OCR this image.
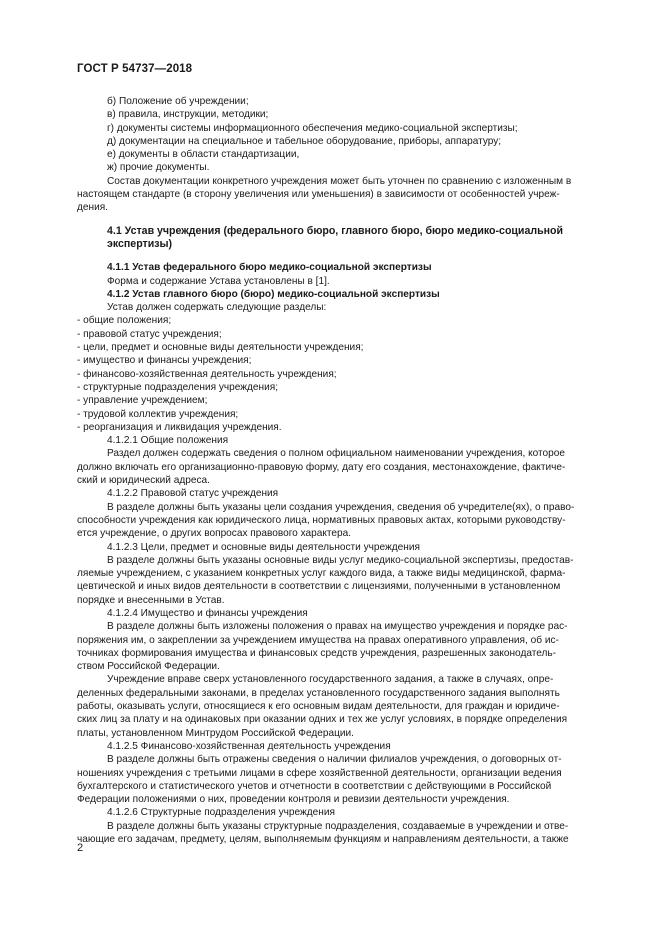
ГОСТ Р 54737—2018
б) Положение об учреждении;
в) правила, инструкции, методики;
г) документы системы информационного обеспечения медико-социальной экспертизы;
д) документации на специальное и табельное оборудование, приборы, аппаратуру;
е) документы в области стандартизации,
ж) прочие документы.
Состав документации конкретного учреждения может быть уточнен по сравнению с изложенным в
настоящем стандарте (в сторону увеличения или уменьшения) в зависимости от особенностей учреж-
дения.
4.1 Устав учреждения (федерального бюро, главного бюро, бюро медико-социальной
экспертизы)
4.1.1 Устав федерального бюро медико-социальной экспертизы
Форма и содержание Устава установлены в [1].
4.1.2 Устав главного бюро (бюро) медико-социальной экспертизы
Устав должен содержать следующие разделы:
- общие положения;
- правовой статус учреждения;
- цели, предмет и основные виды деятельности учреждения;
- имущество и финансы учреждения;
- финансово-хозяйственная деятельность учреждения;
- структурные подразделения учреждения;
- управление учреждением;
- трудовой коллектив учреждения;
- реорганизация и ликвидация учреждения.
4.1.2.1 Общие положения
Раздел должен содержать сведения о полном официальном наименовании учреждения, которое
должно включать его организационно-правовую форму, дату его создания, местонахождение, фактиче-
ский и юридический адреса.
4.1.2.2 Правовой статус учреждения
В разделе должны быть указаны цели создания учреждения, сведения об учредителе(ях), о право-
способности учреждения как юридического лица, нормативных правовых актах, которыми руководству-
ется учреждение, о других вопросах правового характера.
4.1.2.3 Цели, предмет и основные виды деятельности учреждения
В разделе должны быть указаны основные виды услуг медико-социальной экспертизы, предостав-
ляемые учреждением, с указанием конкретных услуг каждого вида, а также виды медицинской, фарма-
цевтической и иных видов деятельности в соответствии с лицензиями, полученными в установленном
порядке и внесенными в Устав.
4.1.2.4 Имущество и финансы учреждения
В разделе должны быть изложены положения о правах на имущество учреждения и порядке рас-
поряжения им, о закреплении за учреждением имущества на правах оперативного управления, об ис-
точниках формирования имущества и финансовых средств учреждения, разрешенных законодатель-
ством Российской Федерации.
Учреждение вправе сверх установленного государственного задания, а также в случаях, опре-
деленных федеральными законами, в пределах установленного государственного задания выполнять
работы, оказывать услуги, относящиеся к его основным видам деятельности, для граждан и юридиче-
ских лиц за плату и на одинаковых при оказании одних и тех же услуг условиях, в порядке определения
платы, установленном Минтрудом Российской Федерации.
4.1.2.5 Финансово-хозяйственная деятельность учреждения
В разделе должны быть отражены сведения о наличии филиалов учреждения, о договорных от-
ношениях учреждения с третьими лицами в сфере хозяйственной деятельности, организации ведения
бухгалтерского и статистического учетов и отчетности в соответствии с действующими в Российской
Федерации положениями о них, проведении контроля и ревизии деятельности учреждения.
4.1.2.6 Структурные подразделения учреждения
В разделе должны быть указаны структурные подразделения, создаваемые в учреждении и отве-
чающие его задачам, предмету, целям, выполняемым функциям и направлениям деятельности, а также
2
